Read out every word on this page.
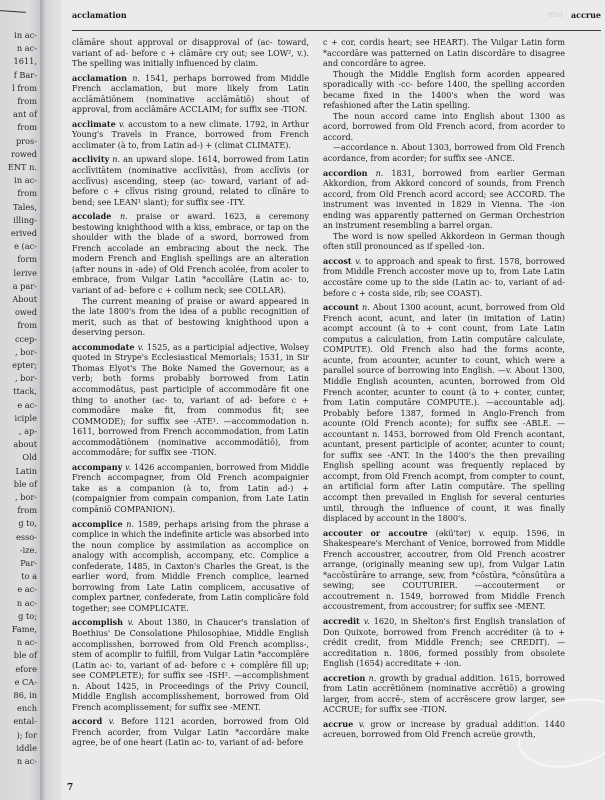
in ac-
n ac-
1611,
f Bar-
l from
from
ant of
from
pros-
rowed
ENT n.
in ac-
from
Tales,
illing-
erived
e (ac-
form
lerive
a par-
About
owed
from
ccep-
, bor-
epter;
, bor-
ttack,
e ac-
iciple
, ap-
about
Old
Latin
ble of
, bor-
from
g to,
esso-
-ize.
Par-
to a
e ac-
n ac-
g to;
Fame,
n ac-
ble of
efore
e CA-
86, in
ench
ental-
); for
iddle
n ac-
acclamation	etal accrue

clāmāre shout approval or disapproval of (ac- toward, variant of ad- before c + clāmāre cry out; see LOW², v.). The spelling was initially influenced by claim.

acclamation n. 1541, perhaps borrowed from Middle French acclamation, but more likely from Latin acclāmātiōnem (nominative acclāmātiō) shout of approval, from acclāmāre ACCLAIM; for suffix see -TION.

acclimate v. accustom to a new climate. 1792, in Arthur Young's Travels in France, borrowed from French acclimater (à to, from Latin ad-) + (climat CLIMATE).

acclivity n. an upward slope. 1614, borrowed from Latin acclīvitātem (nominative acclīvitās), from acclīvis (or acclīvus) ascending, steep (ac- toward, variant of ad- before c + clīvus rising ground, related to clīnāre to bend; see LEAN¹ slant); for suffix see -ITY.

accolade n. praise or award. 1623, a ceremony bestowing knighthood with a kiss, embrace, or tap on the shoulder with the blade of a sword, borrowed from French accolade an embracing about the neck. The modern French and English spellings are an alteration (after nouns in -ade) of Old French acolée, from acoler to embrace, from Vulgar Latin *accollāre (Latin ac- to, variant of ad- before c + collum neck; see COLLAR).

The current meaning of praise or award appeared in the late 1800's from the idea of a public recognition of merit, such as that of bestowing knighthood upon a deserving person.

accommodate v. 1525, as a participial adjective, Wolsey quoted in Strype's Ecclesiastical Memorials; 1531, in Sir Thomas Elyot's The Boke Named the Governour, as a verb; both forms probably borrowed from Latin accommodātus, past participle of accommodāre fit one thing to another (ac- to, variant of ad- before c + commodāre make fit, from commodus fit; see COMMODE); for suffix see -ATE¹. —accommodation n. 1611, borrowed from French accommodation, from Latin accommodātiōnem (nominative accommodātiō), from accommodāre; for suffix see -TION.

accompany v. 1426 accompanien, borrowed from Middle French accompagner, from Old French acompaignier take as a companion (à to, from Latin ad-) + (compaignier from compain companion, from Late Latin compāniō COMPANION).

accomplice n. 1589, perhaps arising from the phrase a complice in which the indefinite article was absorbed into the noun complice by assimilation as accomplice on analogy with accomplish, accompany, etc. Complice a confederate, 1485, in Caxton's Charles the Great, is the earlier word, from Middle French complice, learned borrowing from Late Latin complicem, accusative of complex partner, confederate, from Latin complicāre fold together; see COMPLICATE.

accomplish v. About 1380, in Chaucer's translation of Boethius' De Consolatione Philosophiae, Middle English accomplisshen, borrowed from Old French acompliss-, stem of acomplir to fulfill, from Vulgar Latin *accomplēre (Latin ac- to, variant of ad- before c + complēre fill up; see COMPLETE); for suffix see -ISH². —accomplishment n. About 1425, in Proceedings of the Privy Council, Middle English accomplisshement, borrowed from Old French acomplissement; for suffix see -MENT.

accord v. Before 1121 acorden, borrowed from Old French acorder, from Vulgar Latin *accordāre make agree, be of one heart (Latin ac- to, variant of ad- before

c + cor, cordis heart; see HEART). The Vulgar Latin form *accordāre was patterned on Latin discordāre to disagree and concordāre to agree.

Though the Middle English form acorden appeared sporadically with -cc- before 1400, the spelling accorden became fixed in the 1400's when the word was refashioned after the Latin spelling.

The noun accord came into English about 1300 as acord, borrowed from Old French acord, from acorder to accord.

—accordance n. About 1303, borrowed from Old French acordance, from acorder; for suffix see -ANCE.

accordion n. 1831, borrowed from earlier German Akkordion, from Akkord concord of sounds, from French accord, from Old French acord accord; see ACCORD. The instrument was invented in 1829 in Vienna. The -ion ending was apparently patterned on German Orchestrion an instrument resembling a barrel organ.

The word is now spelled Akkordeon in German though often still pronounced as if spelled -ion.

accost v. to approach and speak to first. 1578, borrowed from Middle French accoster move up to, from Late Latin accostāre come up to the side (Latin ac- to, variant of ad- before c + costa side, rib; see COAST).

account n. About 1300 acount, acunt, borrowed from Old French acont, acunt, and later (in imitation of Latin) acompt account (à to + cont count, from Late Latin computus a calculation, from Latin computāre calculate, COMPUTE). Old French also had the forms aconte, acunte, from acounter, acunter to count, which were a parallel source of borrowing into English. —v. About 1300, Middle English acounten, acunten, borrowed from Old French aconter, acunter to count (à to + conter, cunter, from Latin computāre COMPUTE.). —accountable adj. Probably before 1387, formed in Anglo-French from acounte (Old French aconte); for suffix see -ABLE. —accountant n. 1453, borrowed from Old French acontant, acuntant, present participle of aconter, acunter to count; for suffix see -ANT. In the 1400's the then prevailing English spelling acount was frequently replaced by accompt, from Old French acompt, from compter to count, an artificial form after Latin computāre. The spelling accompt then prevailed in English for several centuries until, through the influence of count, it was finally displaced by account in the 1800's.

accouter or accoutre (əkü'tər) v. equip. 1596, in Shakespeare's Merchant of Venice, borrowed from Middle French accoustrer, accoutrer, from Old French acostrer arrange, (originally meaning sew up), from Vulgar Latin *accōstūrāre to arrange, sew, from *cōstūra, *cōnsūtūra a sewing; see COUTURIER. —accouterment or accoutrement n. 1549, borrowed from Middle French accoustrement, from accoustrer; for suffix see -MENT.

accredit v. 1620, in Shelton's first English translation of Don Quixote, borrowed from French accréditer (à to + crédit credit, from Middle French; see CREDIT). —accreditation n. 1806, formed possibly from obsolete English (1654) accreditate + -ion.

accretion n. growth by gradual addition. 1615, borrowed from Latin accrētiōnem (nominative accrētiō) a growing larger, from accrē-, stem of accrēscere grow larger, see ACCRUE; for suffix see -TION.

accrue v. grow or increase by gradual addition. 1440 acreuen, borrowed from Old French acreüe growth,

7
